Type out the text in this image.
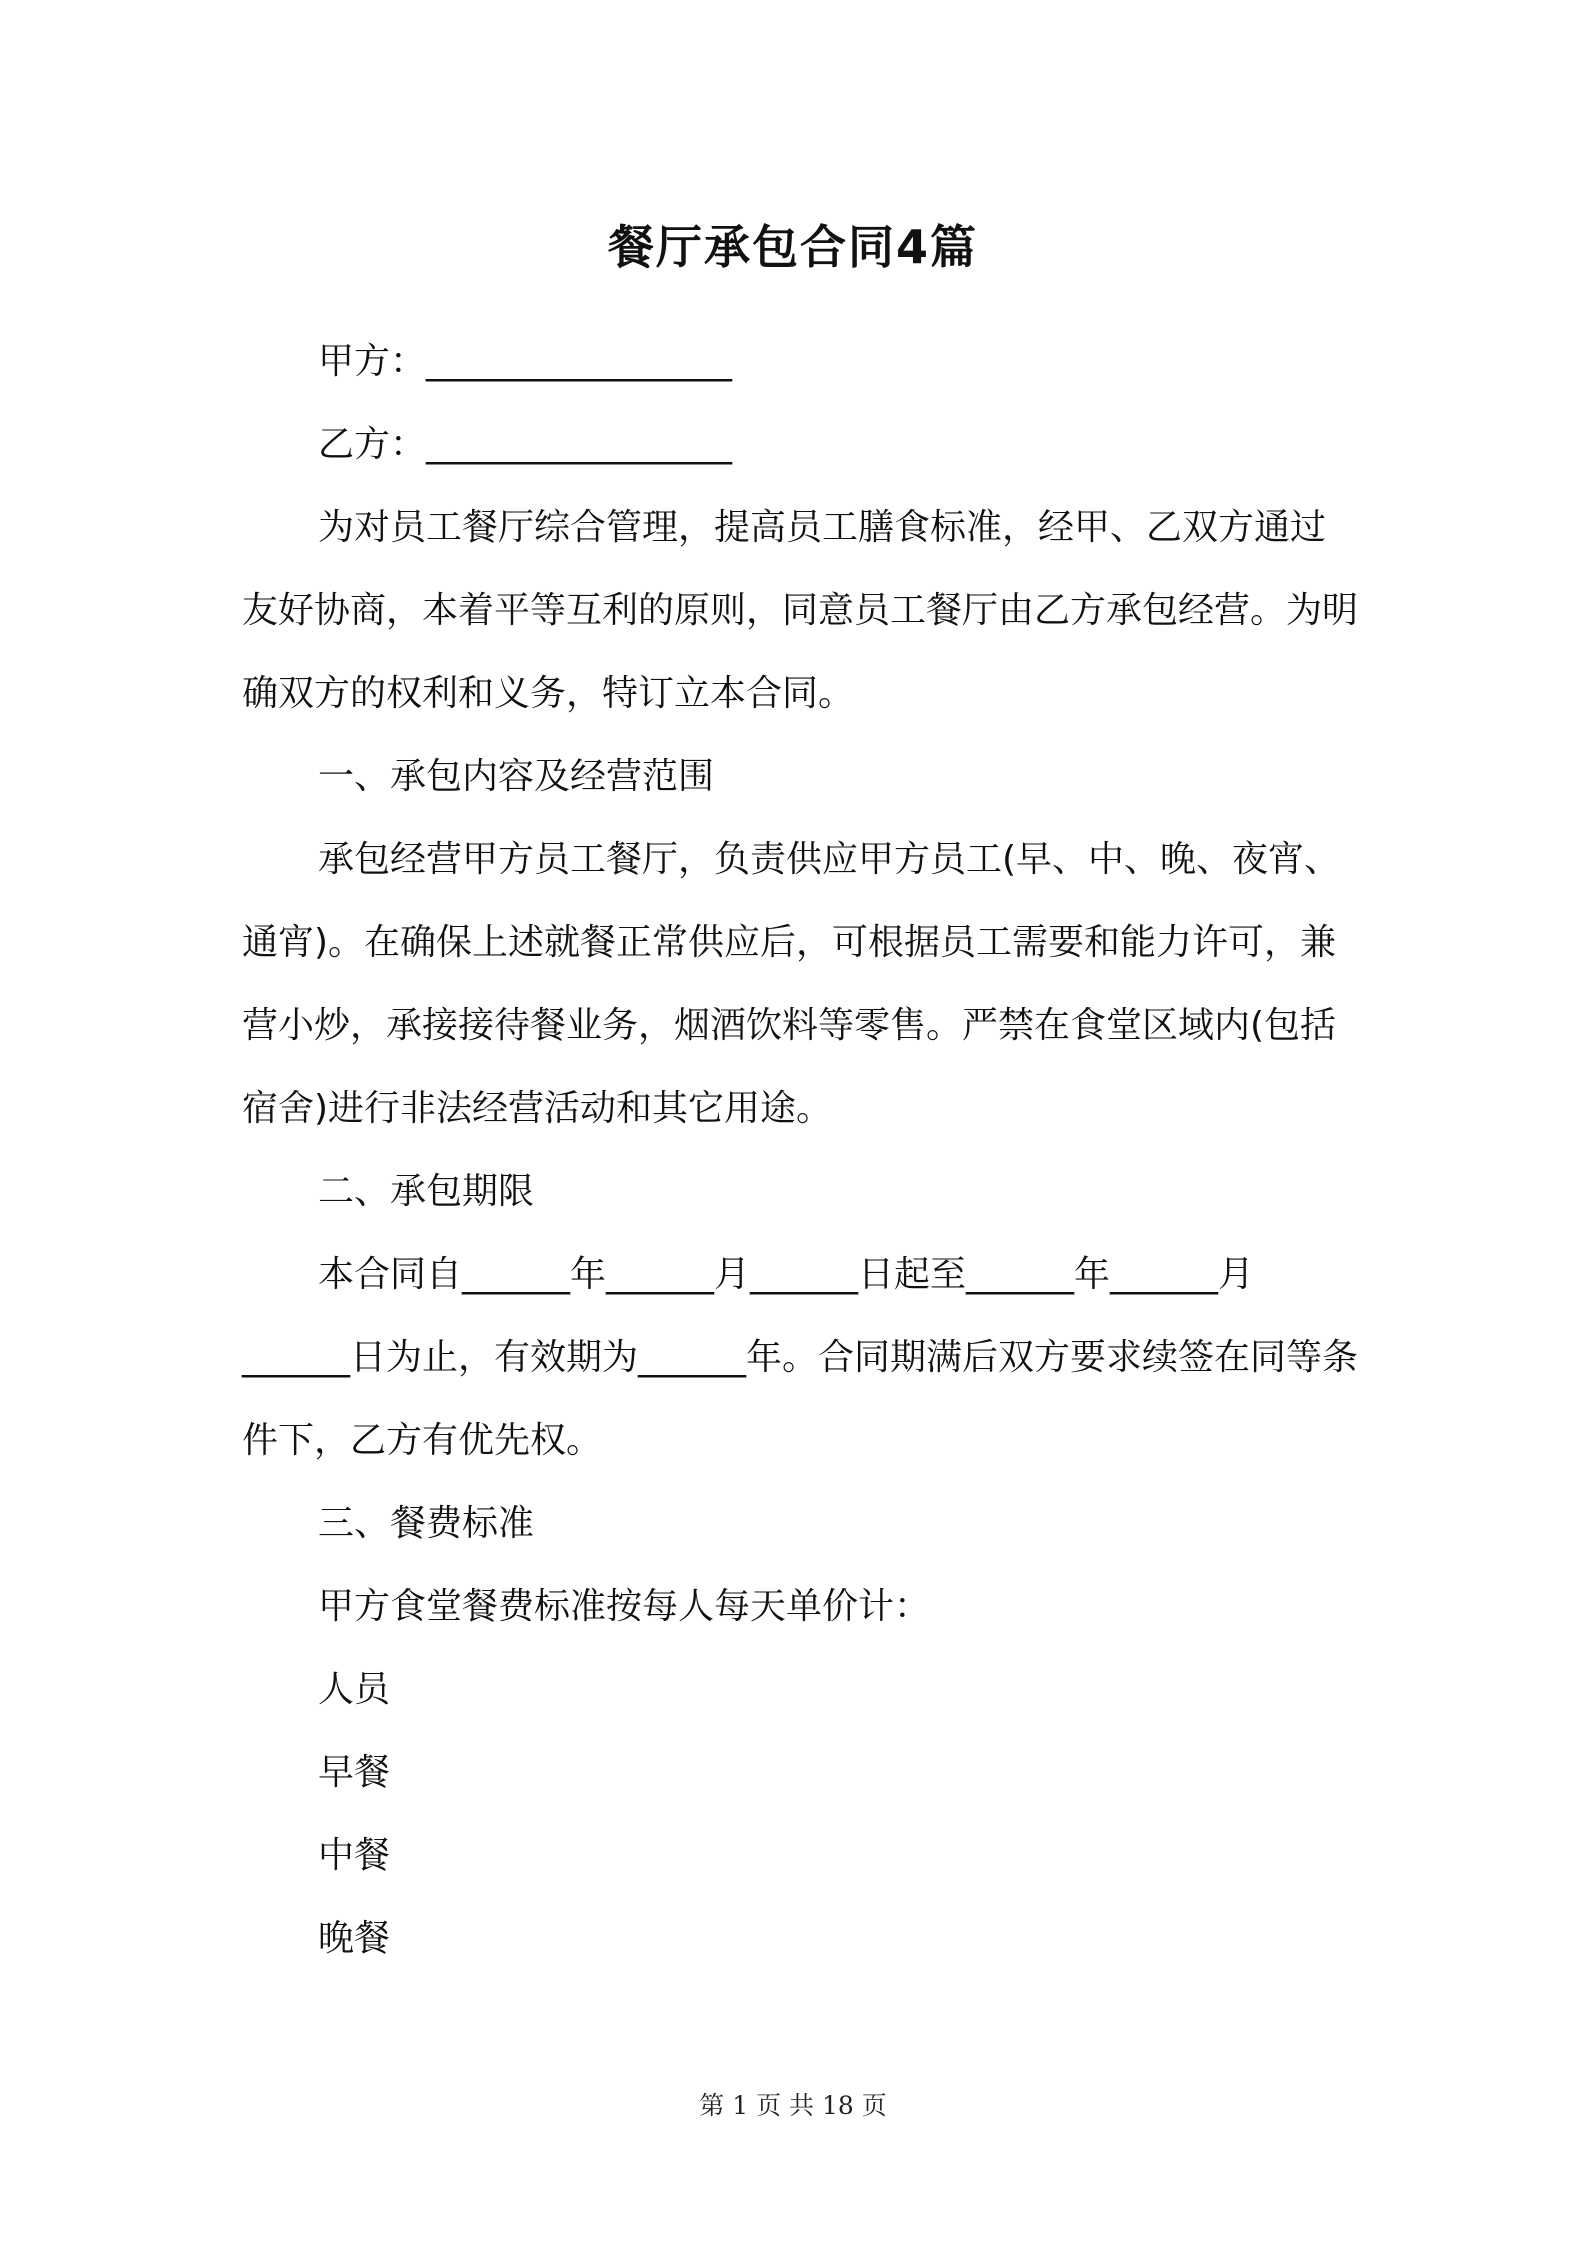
餐厅承包合同4篇

甲方：_________________

乙方：_________________

为对员工餐厅综合管理，提高员工膳食标准，经甲、乙双方通过友好协商，本着平等互利的原则，同意员工餐厅由乙方承包经营。为明确双方的权利和义务，特订立本合同。

一、承包内容及经营范围

承包经营甲方员工餐厅，负责供应甲方员工(早、中、晚、夜宵、通宵)。在确保上述就餐正常供应后，可根据员工需要和能力许可，兼营小炒，承接接待餐业务，烟酒饮料等零售。严禁在食堂区域内(包括宿舍)进行非法经营活动和其它用途。

二、承包期限

本合同自______年______月______日起至______年______月______日为止，有效期为______年。合同期满后双方要求续签在同等条件下，乙方有优先权。

三、餐费标准

甲方食堂餐费标准按每人每天单价计：

人员

早餐

中餐

晚餐

第 1 页 共 18 页
